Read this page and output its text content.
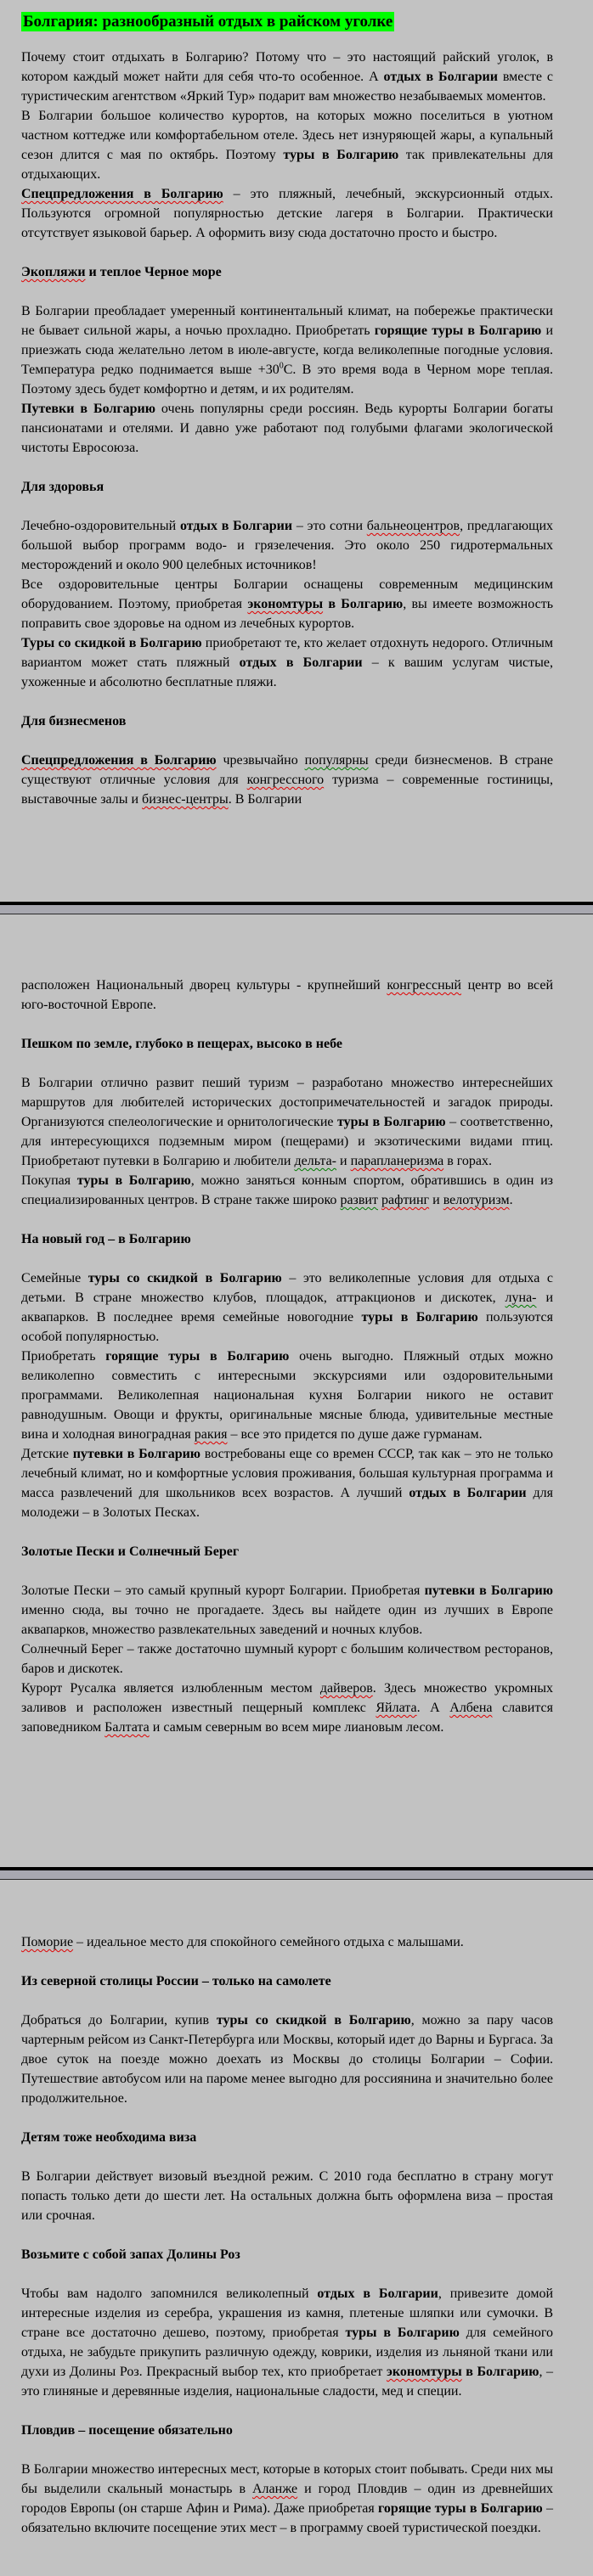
Болгария: разнообразный отдых в райском уголке
Почему стоит отдыхать в Болгарию? Потому что – это настоящий райский уголок, в котором каждый может найти для себя что-то особенное. А отдых в Болгарии вместе с туристическим агентством «Яркий Тур» подарит вам множество незабываемых моментов.
В Болгарии большое количество курортов, на которых можно поселиться в уютном частном коттедже или комфортабельном отеле. Здесь нет изнуряющей жары, а купальный сезон длится с мая по октябрь. Поэтому туры в Болгарию так привлекательны для отдыхающих.
Спецпредложения в Болгарию – это пляжный, лечебный, экскурсионный отдых. Пользуются огромной популярностью детские лагеря в Болгарии. Практически отсутствует языковой барьер. А оформить визу сюда достаточно просто и быстро.
Экопляжи и теплое Черное море
В Болгарии преобладает умеренный континентальный климат, на побережье практически не бывает сильной жары, а ночью прохладно. Приобретать горящие туры в Болгарию и приезжать сюда желательно летом в июле-августе, когда великолепные погодные условия. Температура редко поднимается выше $+30^0С$. В это время вода в Черном море теплая. Поэтому здесь будет комфортно и детям, и их родителям.
Путевки в Болгарию очень популярны среди россиян. Ведь курорты Болгарии богаты пансионатами и отелями. И давно уже работают под голубыми флагами экологической чистоты Евросоюза.
Для здоровья
Лечебно-оздоровительный отдых в Болгарии – это сотни бальнеоцентров, предлагающих большой выбор программ водо- и грязелечения. Это около 250 гидротермальных месторождений и около 900 целебных источников!
Все оздоровительные центры Болгарии оснащены современным медицинским оборудованием. Поэтому, приобретая экономтуры в Болгарию, вы имеете возможность поправить свое здоровье на одном из лечебных курортов.
Туры со скидкой в Болгарию приобретают те, кто желает отдохнуть недорого. Отличным вариантом может стать пляжный отдых в Болгарии – к вашим услугам чистые, ухоженные и абсолютно бесплатные пляжи.
Для бизнесменов
Спецпредложения в Болгарию чрезвычайно популярны среди бизнесменов. В стране существуют отличные условия для конгрессного туризма – современные гостиницы, выставочные залы и бизнес-центры. В Болгарии
расположен Национальный дворец культуры - крупнейший конгрессный центр во всей юго-восточной Европе.
Пешком по земле, глубоко в пещерах, высоко в небе
В Болгарии отлично развит пеший туризм – разработано множество интереснейших маршрутов для любителей исторических достопримечательностей и загадок природы. Организуются спелеологические и орнитологические туры в Болгарию – соответственно, для интересующихся подземным миром (пещерами) и экзотическими видами птиц. Приобретают путевки в Болгарию и любители дельта- и парапланеризма в горах.
Покупая туры в Болгарию, можно заняться конным спортом, обратившись в один из специализированных центров. В стране также широко развит рафтинг и велотуризм.
На новый год – в Болгарию
Семейные туры со скидкой в Болгарию – это великолепные условия для отдыха с детьми. В стране множество клубов, площадок, аттракционов и дискотек, луна- и аквапарков. В последнее время семейные новогодние туры в Болгарию пользуются особой популярностью.
Приобретать горящие туры в Болгарию очень выгодно. Пляжный отдых можно великолепно совместить с интересными экскурсиями или оздоровительными программами. Великолепная национальная кухня Болгарии никого не оставит равнодушным. Овощи и фрукты, оригинальные мясные блюда, удивительные местные вина и холодная виноградная ракия – все это придется по душе даже гурманам.
Детские путевки в Болгарию востребованы еще со времен СССР, так как – это не только лечебный климат, но и комфортные условия проживания, большая культурная программа и масса развлечений для школьников всех возрастов. А лучший отдых в Болгарии для молодежи – в Золотых Песках.
Золотые Пески и Солнечный Берег
Золотые Пески – это самый крупный курорт Болгарии. Приобретая путевки в Болгарию именно сюда, вы точно не прогадаете. Здесь вы найдете один из лучших в Европе аквапарков, множество развлекательных заведений и ночных клубов.
Солнечный Берег – также достаточно шумный курорт с большим количеством ресторанов, баров и дискотек.
Курорт Русалка является излюбленным местом дайверов. Здесь множество укромных заливов и расположен известный пещерный комплекс Яйлата. А Албена славится заповедником Балтата и самым северным во всем мире лиановым лесом.
Поморие – идеальное место для спокойного семейного отдыха с малышами.
Из северной столицы России – только на самолете
Добраться до Болгарии, купив туры со скидкой в Болгарию, можно за пару часов чартерным рейсом из Санкт-Петербурга или Москвы, который идет до Варны и Бургаса. За двое суток на поезде можно доехать из Москвы до столицы Болгарии – Софии. Путешествие автобусом или на пароме менее выгодно для россиянина и значительно более продолжительное.
Детям тоже необходима виза
В Болгарии действует визовый въездной режим. С 2010 года бесплатно в страну могут попасть только дети до шести лет. На остальных должна быть оформлена виза – простая или срочная.
Возьмите с собой запах Долины Роз
Чтобы вам надолго запомнился великолепный отдых в Болгарии, привезите домой интересные изделия из серебра, украшения из камня, плетеные шляпки или сумочки. В стране все достаточно дешево, поэтому, приобретая туры в Болгарию для семейного отдыха, не забудьте прикупить различную одежду, коврики, изделия из льняной ткани или духи из Долины Роз. Прекрасный выбор тех, кто приобретает экономтуры в Болгарию, – это глиняные и деревянные изделия, национальные сладости, мед и специи.
Пловдив – посещение обязательно
В Болгарии множество интересных мест, которые в которых стоит побывать. Среди них мы бы выделили скальный монастырь в Аланже и город Пловдив – один из древнейших городов Европы (он старше Афин и Рима). Даже приобретая горящие туры в Болгарию – обязательно включите посещение этих мест – в программу своей туристической поездки.
